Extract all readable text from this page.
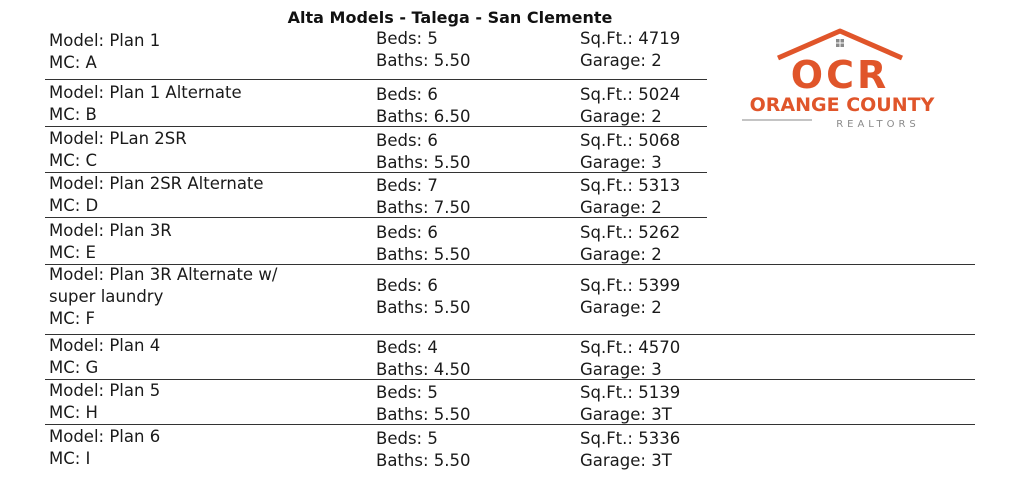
Alta Models - Talega - San Clemente
Model: Plan 1
MC: A
Beds: 5
Baths: 5.50
Sq.Ft.: 4719
Garage: 2
Model: Plan 1 Alternate
MC: B
Beds: 6
Baths: 6.50
Sq.Ft.: 5024
Garage: 2
Model: PLan 2SR
MC: C
Beds: 6
Baths: 5.50
Sq.Ft.: 5068
Garage: 3
Model: Plan 2SR Alternate
MC: D
Beds: 7
Baths: 7.50
Sq.Ft.: 5313
Garage: 2
Model: Plan 3R
MC: E
Beds: 6
Baths: 5.50
Sq.Ft.: 5262
Garage: 2
Model: Plan 3R Alternate w/
super laundry
MC: F
Beds: 6
Baths: 5.50
Sq.Ft.: 5399
Garage: 2
Model: Plan 4
MC: G
Beds: 4
Baths: 4.50
Sq.Ft.: 4570
Garage: 3
Model: Plan 5
MC: H
Beds: 5
Baths: 5.50
Sq.Ft.: 5139
Garage: 3T
Model: Plan 6
MC: I
Beds: 5
Baths: 5.50
Sq.Ft.: 5336
Garage: 3T
OCR
ORANGE COUNTY
REALTORS
